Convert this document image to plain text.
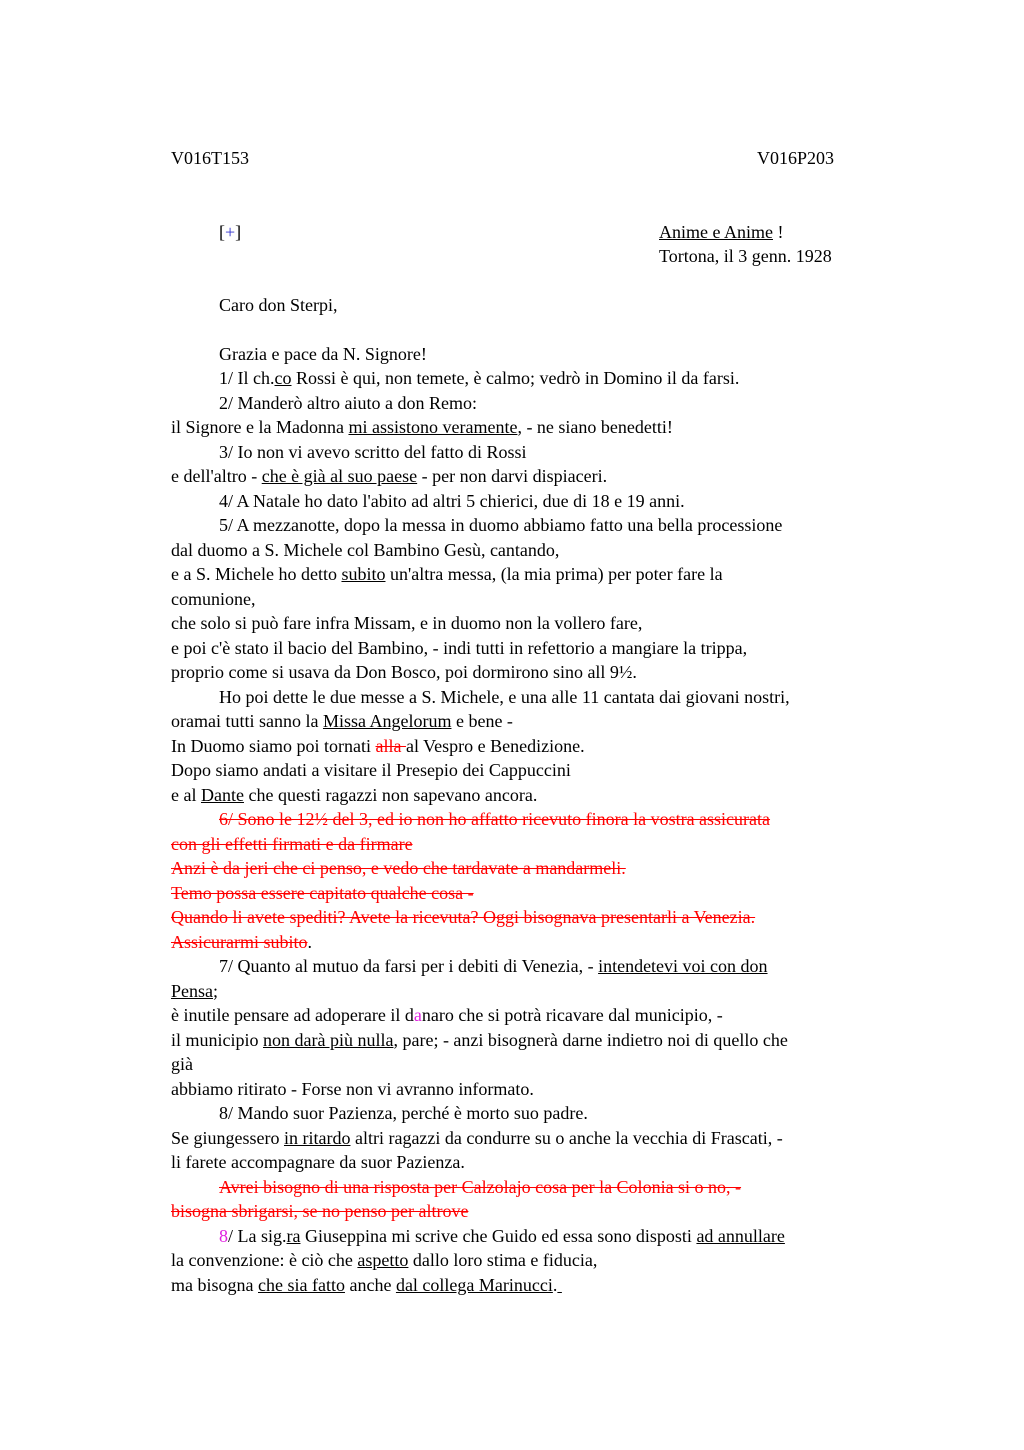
V016T153	V016P203
[+]	Anime e Anime !
Tortona, il 3 genn. 1928
Caro don Sterpi,
Grazia e pace da N. Signore!
1/ Il ch.co Rossi è qui, non temete, è calmo; vedrò in Domino il da farsi.
2/ Manderò altro aiuto a don Remo:
il Signore e la Madonna mi assistono veramente, - ne siano benedetti!
3/ Io non vi avevo scritto del fatto di Rossi
e dell'altro - che è già al suo paese - per non darvi dispiaceri.
4/ A Natale ho dato l'abito ad altri 5 chierici, due di 18 e 19 anni.
5/ A mezzanotte, dopo la messa in duomo abbiamo fatto una bella processione
dal duomo a S. Michele col Bambino Gesù, cantando,
e a S. Michele ho detto subito un'altra messa, (la mia prima) per poter fare la
comunione,
che solo si può fare infra Missam, e in duomo non la vollero fare,
e poi c'è stato il bacio del Bambino, - indi tutti in refettorio a mangiare la trippa,
proprio come si usava da Don Bosco, poi dormirono sino all 9½.
Ho poi dette le due messe a S. Michele, e una alle 11 cantata dai giovani nostri,
oramai tutti sanno la Missa Angelorum e bene -
In Duomo siamo poi tornati alla al Vespro e Benedizione.
Dopo siamo andati a visitare il Presepio dei Cappuccini
e al Dante che questi ragazzi non sapevano ancora.
6/ Sono le 12½ del 3, ed io non ho affatto ricevuto finora la vostra assicurata
con gli effetti firmati e da firmare
Anzi è da jeri che ci penso, e vedo che tardavate a mandarmeli.
Temo possa essere capitato qualche cosa -
Quando li avete spediti? Avete la ricevuta? Oggi bisognava presentarli a Venezia.
Assicurarmi subito.
7/ Quanto al mutuo da farsi per i debiti di Venezia, - intendetevi voi con don
Pensa;
è inutile pensare ad adoperare il danaro che si potrà ricavare dal municipio, -
il municipio non darà più nulla, pare; - anzi bisognerà darne indietro noi di quello che
già
abbiamo ritirato - Forse non vi avranno informato.
8/ Mando suor Pazienza, perché è morto suo padre.
Se giungessero in ritardo altri ragazzi da condurre su o anche la vecchia di Frascati, -
li farete accompagnare da suor Pazienza.
Avrei bisogno di una risposta per Calzolajo cosa per la Colonia si o no, -
bisogna sbrigarsi, se no penso per altrove
8/ La sig.ra Giuseppina mi scrive che Guido ed essa sono disposti ad annullare
la convenzione: è ciò che aspetto dallo loro stima e fiducia,
ma bisogna che sia fatto anche dal collega Marinucci.
